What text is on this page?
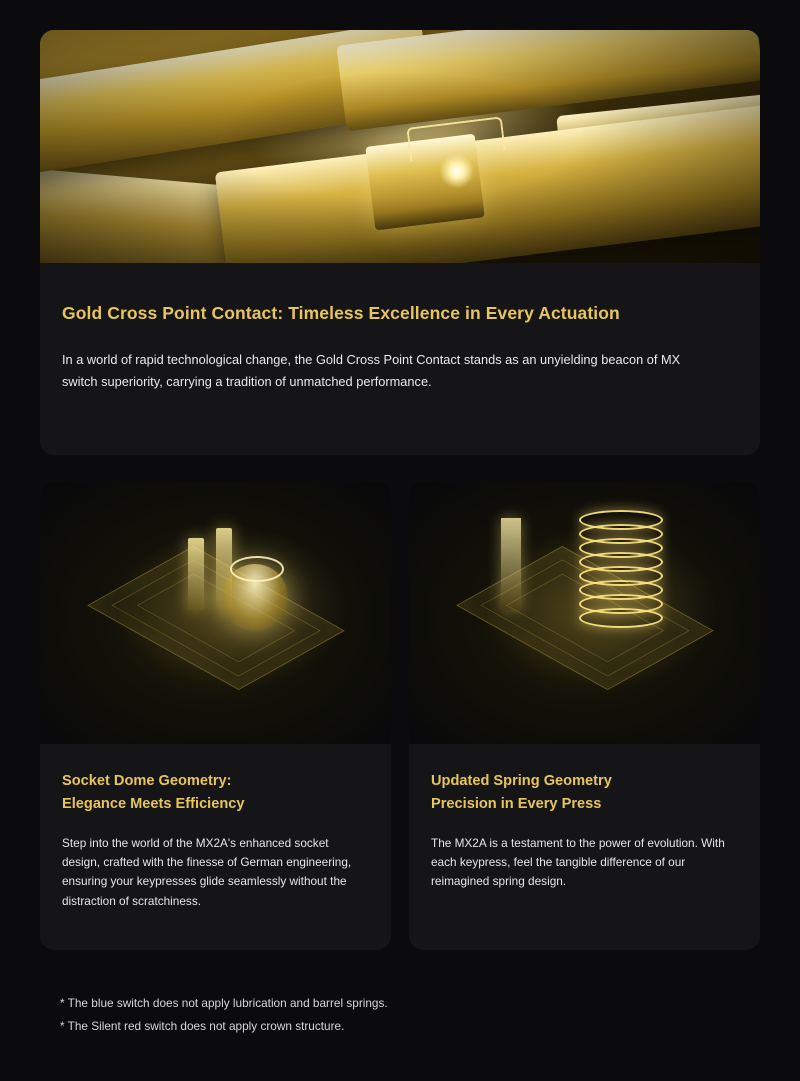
Gold Cross Point Contact: Timeless Excellence in Every Actuation
In a world of rapid technological change, the Gold Cross Point Contact stands as an unyielding beacon of MX switch superiority, carrying a tradition of unmatched performance.
Socket Dome Geometry:
Elegance Meets Efficiency
Step into the world of the MX2A's enhanced socket design, crafted with the finesse of German engineering, ensuring your keypresses glide seamlessly without the distraction of scratchiness.
Updated Spring Geometry
Precision in Every Press
The MX2A is a testament to the power of evolution. With each keypress, feel the tangible difference of our reimagined spring design.
* The blue switch does not apply lubrication and barrel springs.
* The Silent red switch does not apply crown structure.
